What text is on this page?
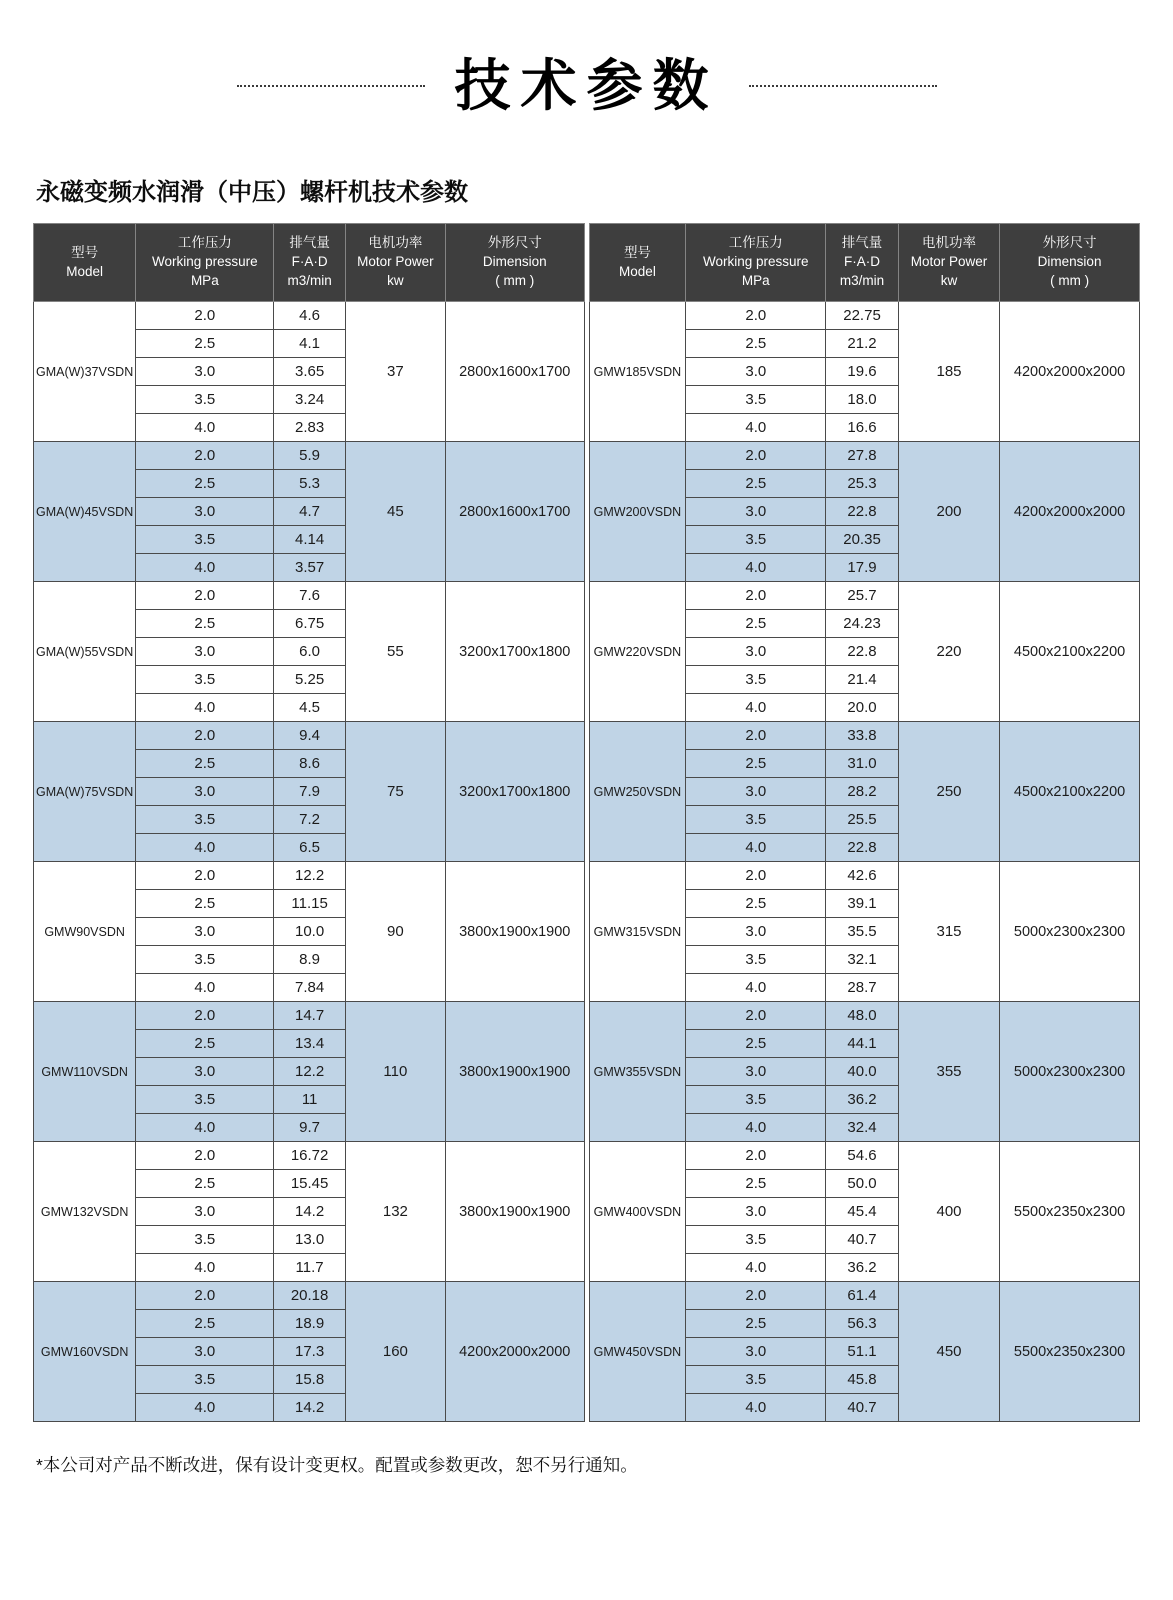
技术参数
永磁变频水润滑（中压）螺杆机技术参数
型号
Model

工作压力
Working pressure
MPa

排气量
F·A·D
m3/min

电机功率
Motor Power
kw

外形尺寸
Dimension
( mm )

GMA(W)37VSDN	2.0	4.6	37	2800x1600x1700
	2.5	4.1		
	3.0	3.65		
	3.5	3.24		
	4.0	2.83		
GMA(W)45VSDN	2.0	5.9	45	2800x1600x1700
	2.5	5.3		
	3.0	4.7		
	3.5	4.14		
	4.0	3.57		
GMA(W)55VSDN	2.0	7.6	55	3200x1700x1800
	2.5	6.75		
	3.0	6.0		
	3.5	5.25		
	4.0	4.5		
GMA(W)75VSDN	2.0	9.4	75	3200x1700x1800
	2.5	8.6		
	3.0	7.9		
	3.5	7.2		
	4.0	6.5		
GMW90VSDN	2.0	12.2	90	3800x1900x1900
	2.5	11.15		
	3.0	10.0		
	3.5	8.9		
	4.0	7.84		
GMW110VSDN	2.0	14.7	110	3800x1900x1900
	2.5	13.4		
	3.0	12.2		
	3.5	11		
	4.0	9.7		
GMW132VSDN	2.0	16.72	132	3800x1900x1900
	2.5	15.45		
	3.0	14.2		
	3.5	13.0		
	4.0	11.7		
GMW160VSDN	2.0	20.18	160	4200x2000x2000
	2.5	18.9		
	3.0	17.3		
	3.5	15.8		
	4.0	14.2		
型号
Model

工作压力
Working pressure
MPa

排气量
F·A·D
m3/min

电机功率
Motor Power
kw

外形尺寸
Dimension
( mm )

GMW185VSDN	2.0	22.75	185	4200x2000x2000
	2.5	21.2		
	3.0	19.6		
	3.5	18.0		
	4.0	16.6		
GMW200VSDN	2.0	27.8	200	4200x2000x2000
	2.5	25.3		
	3.0	22.8		
	3.5	20.35		
	4.0	17.9		
GMW220VSDN	2.0	25.7	220	4500x2100x2200
	2.5	24.23		
	3.0	22.8		
	3.5	21.4		
	4.0	20.0		
GMW250VSDN	2.0	33.8	250	4500x2100x2200
	2.5	31.0		
	3.0	28.2		
	3.5	25.5		
	4.0	22.8		
GMW315VSDN	2.0	42.6	315	5000x2300x2300
	2.5	39.1		
	3.0	35.5		
	3.5	32.1		
	4.0	28.7		
GMW355VSDN	2.0	48.0	355	5000x2300x2300
	2.5	44.1		
	3.0	40.0		
	3.5	36.2		
	4.0	32.4		
GMW400VSDN	2.0	54.6	400	5500x2350x2300
	2.5	50.0		
	3.0	45.4		
	3.5	40.7		
	4.0	36.2		
GMW450VSDN	2.0	61.4	450	5500x2350x2300
	2.5	56.3		
	3.0	51.1		
	3.5	45.8		
	4.0	40.7		

*本公司对产品不断改进，保有设计变更权。配置或参数更改，恕不另行通知。
